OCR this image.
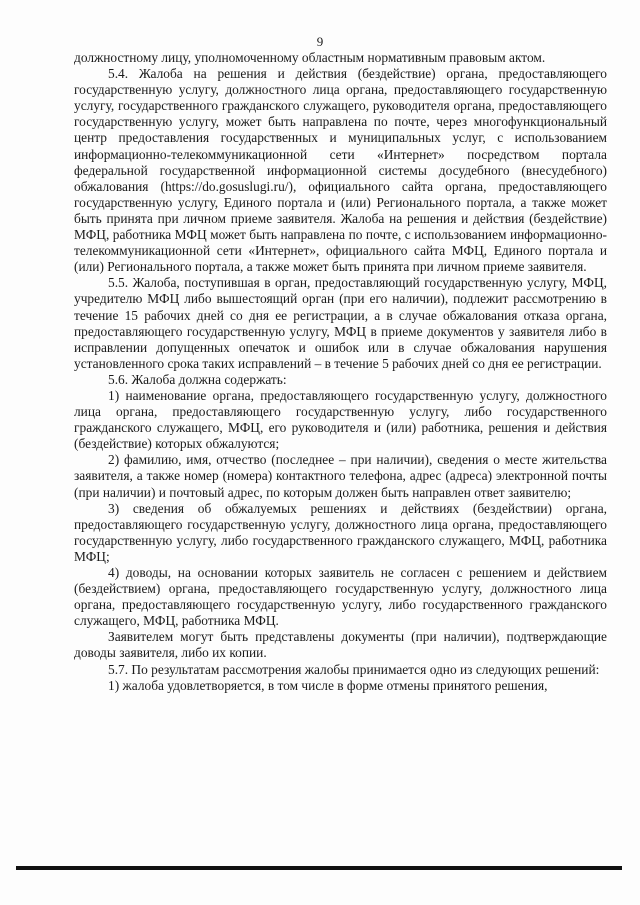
9

должностному лицу, уполномоченному областным нормативным правовым актом.

5.4. Жалоба на решения и действия (бездействие) органа, предоставляющего государственную услугу, должностного лица органа, предоставляющего государственную услугу, государственного гражданского служащего, руководителя органа, предоставляющего государственную услугу, может быть направлена по почте, через многофункциональный центр предоставления государственных и муниципальных услуг, с использованием информационно-телекоммуникационной сети «Интернет» посредством портала федеральной государственной информационной системы досудебного (внесудебного) обжалования (https://do.gosuslugi.ru/), официального сайта органа, предоставляющего государственную услугу, Единого портала и (или) Регионального портала, а также может быть принята при личном приеме заявителя. Жалоба на решения и действия (бездействие) МФЦ, работника МФЦ может быть направлена по почте, с использованием информационно-телекоммуникационной сети «Интернет», официального сайта МФЦ, Единого портала и (или) Регионального портала, а также может быть принята при личном приеме заявителя.

5.5. Жалоба, поступившая в орган, предоставляющий государственную услугу, МФЦ, учредителю МФЦ либо вышестоящий орган (при его наличии), подлежит рассмотрению в течение 15 рабочих дней со дня ее регистрации, а в случае обжалования отказа органа, предоставляющего государственную услугу, МФЦ в приеме документов у заявителя либо в исправлении допущенных опечаток и ошибок или в случае обжалования нарушения установленного срока таких исправлений – в течение 5 рабочих дней со дня ее регистрации.

5.6. Жалоба должна содержать:

1) наименование органа, предоставляющего государственную услугу, должностного лица органа, предоставляющего государственную услугу, либо государственного гражданского служащего, МФЦ, его руководителя и (или) работника, решения и действия (бездействие) которых обжалуются;

2) фамилию, имя, отчество (последнее – при наличии), сведения о месте жительства заявителя, а также номер (номера) контактного телефона, адрес (адреса) электронной почты (при наличии) и почтовый адрес, по которым должен быть направлен ответ заявителю;

3) сведения об обжалуемых решениях и действиях (бездействии) органа, предоставляющего государственную услугу, должностного лица органа, предоставляющего государственную услугу, либо государственного гражданского служащего, МФЦ, работника МФЦ;

4) доводы, на основании которых заявитель не согласен с решением и действием (бездействием) органа, предоставляющего государственную услугу, должностного лица органа, предоставляющего государственную услугу, либо государственного гражданского служащего, МФЦ, работника МФЦ.

Заявителем могут быть представлены документы (при наличии), подтверждающие доводы заявителя, либо их копии.

5.7. По результатам рассмотрения жалобы принимается одно из следующих решений:

1) жалоба удовлетворяется, в том числе в форме отмены принятого решения,
